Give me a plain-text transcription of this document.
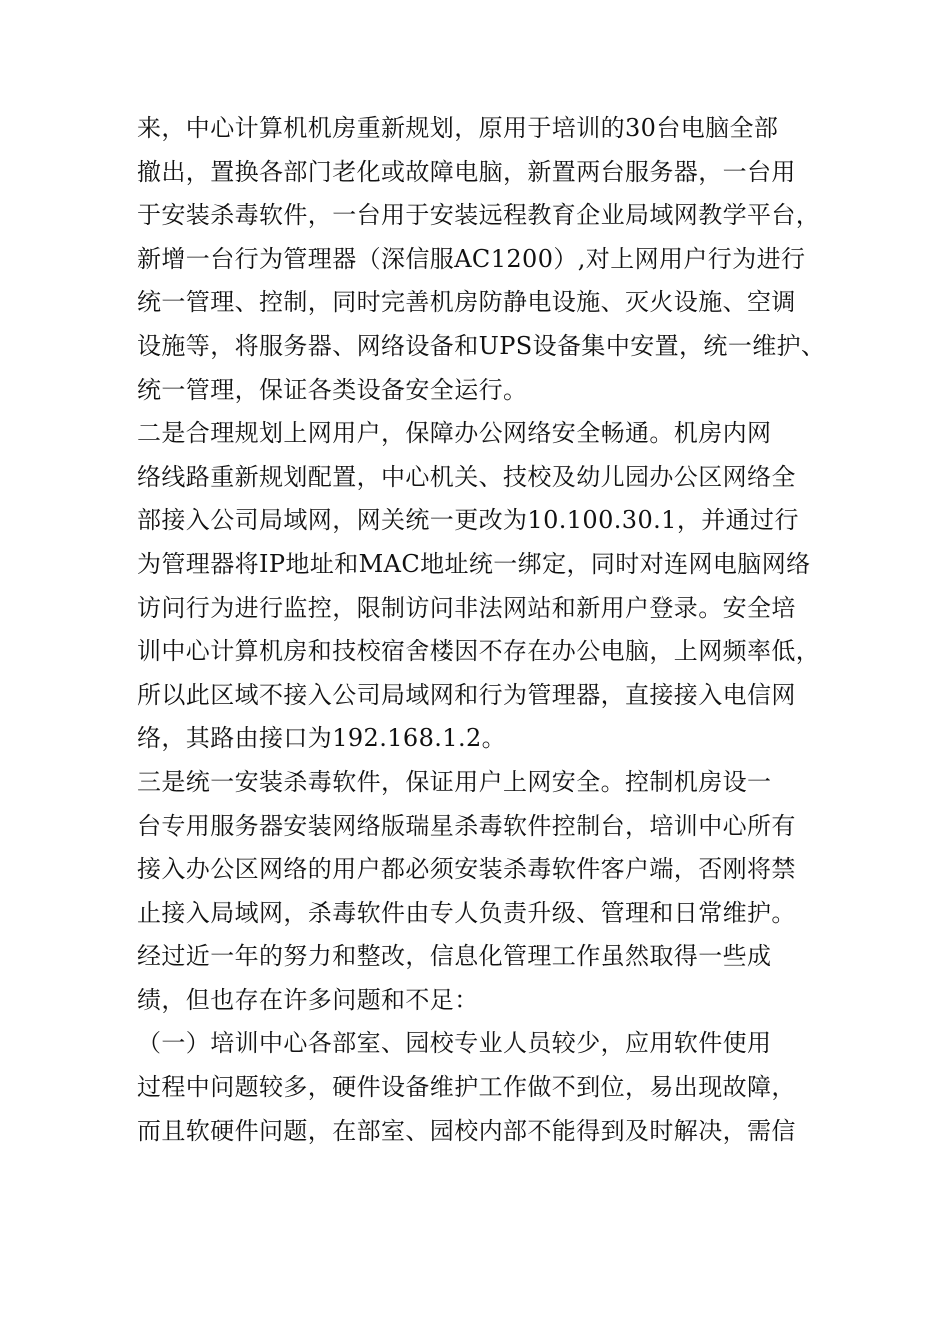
来，中心计算机机房重新规划，原用于培训的30台电脑全部
撤出，置换各部门老化或故障电脑，新置两台服务器，一台用
于安装杀毒软件，一台用于安装远程教育企业局域网教学平台，
新增一台行为管理器（深信服AC1200）,对上网用户行为进行
统一管理、控制，同时完善机房防静电设施、灭火设施、空调
设施等，将服务器、网络设备和UPS设备集中安置，统一维护、
统一管理，保证各类设备安全运行。
二是合理规划上网用户，保障办公网络安全畅通。机房内网
络线路重新规划配置，中心机关、技校及幼儿园办公区网络全
部接入公司局域网，网关统一更改为10.100.30.1，并通过行
为管理器将IP地址和MAC地址统一绑定，同时对连网电脑网络
访问行为进行监控，限制访问非法网站和新用户登录。安全培
训中心计算机房和技校宿舍楼因不存在办公电脑，上网频率低，
所以此区域不接入公司局域网和行为管理器，直接接入电信网
络，其路由接口为192.168.1.2。
三是统一安装杀毒软件，保证用户上网安全。控制机房设一
台专用服务器安装网络版瑞星杀毒软件控制台，培训中心所有
接入办公区网络的用户都必须安装杀毒软件客户端，否刚将禁
止接入局域网，杀毒软件由专人负责升级、管理和日常维护。
经过近一年的努力和整改，信息化管理工作虽然取得一些成
绩，但也存在许多问题和不足：
（一）培训中心各部室、园校专业人员较少，应用软件使用
过程中问题较多，硬件设备维护工作做不到位，易出现故障，
而且软硬件问题，在部室、园校内部不能得到及时解决，需信
